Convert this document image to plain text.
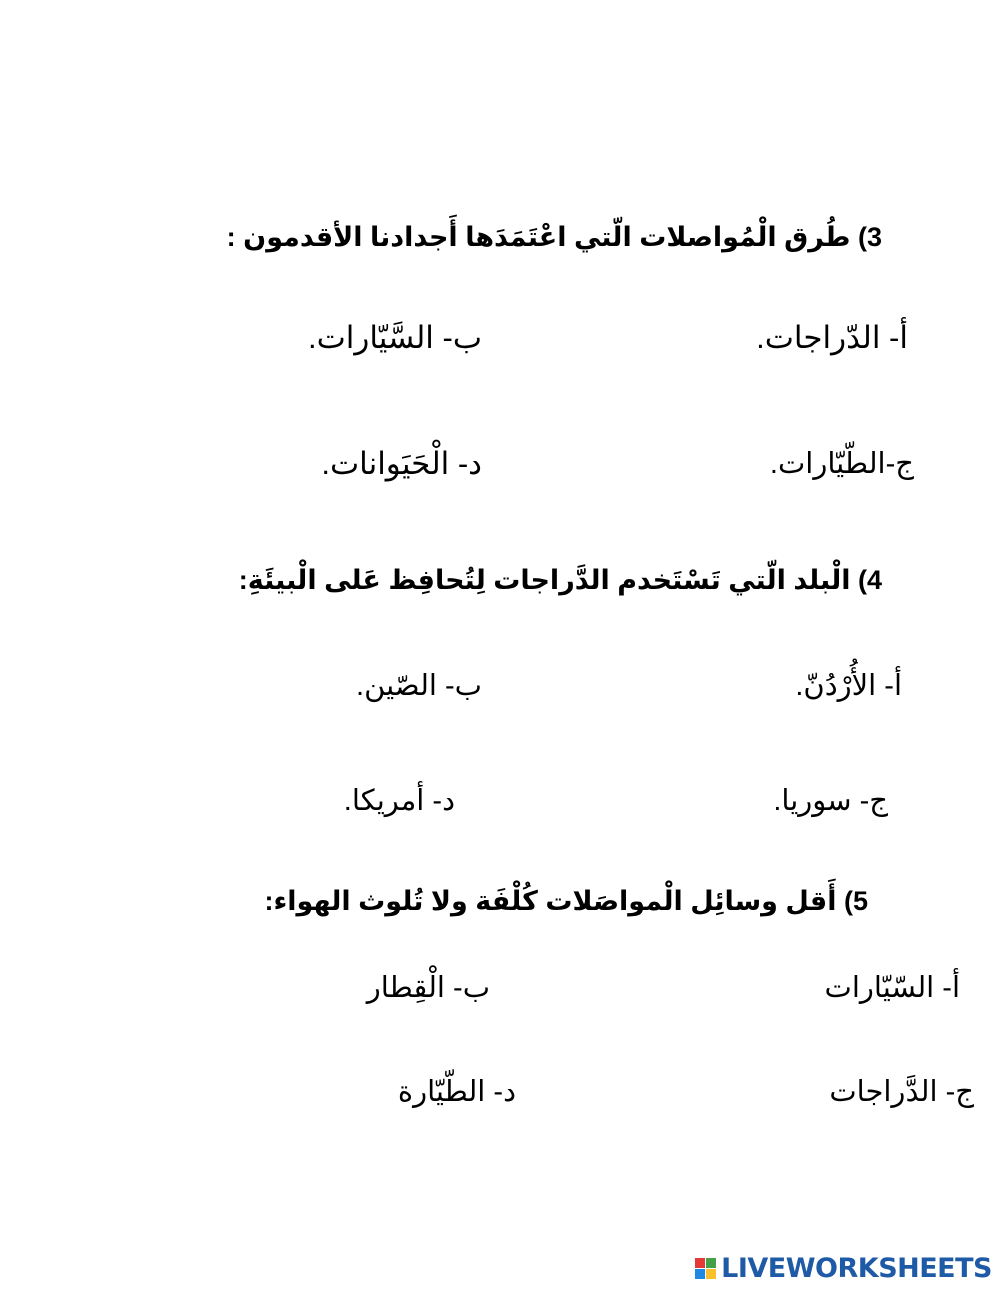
3) طُرق الْمُواصلات الّتي اعْتَمَدَها أَجدادنا الأقدمون :
أ- الدّراجات.
ب- السَّيّارات.
ج-الطّيّارات.
د- الْحَيَوانات.
4) الْبلد الّتي تَسْتَخدم الدَّراجات لِتُحافِظ عَلى الْبيئَةِ:
أ- الأُرْدُنّ.
ب- الصّين.
ج- سوريا.
د- أمريكا.
5) أَقل وسائِل الْمواصَلات كُلْفَة ولا تُلوث الهواء:
أ- السّيّارات
ب- الْقِطار
ج- الدَّراجات
د- الطّيّارة
LIVEWORKSHEETS
